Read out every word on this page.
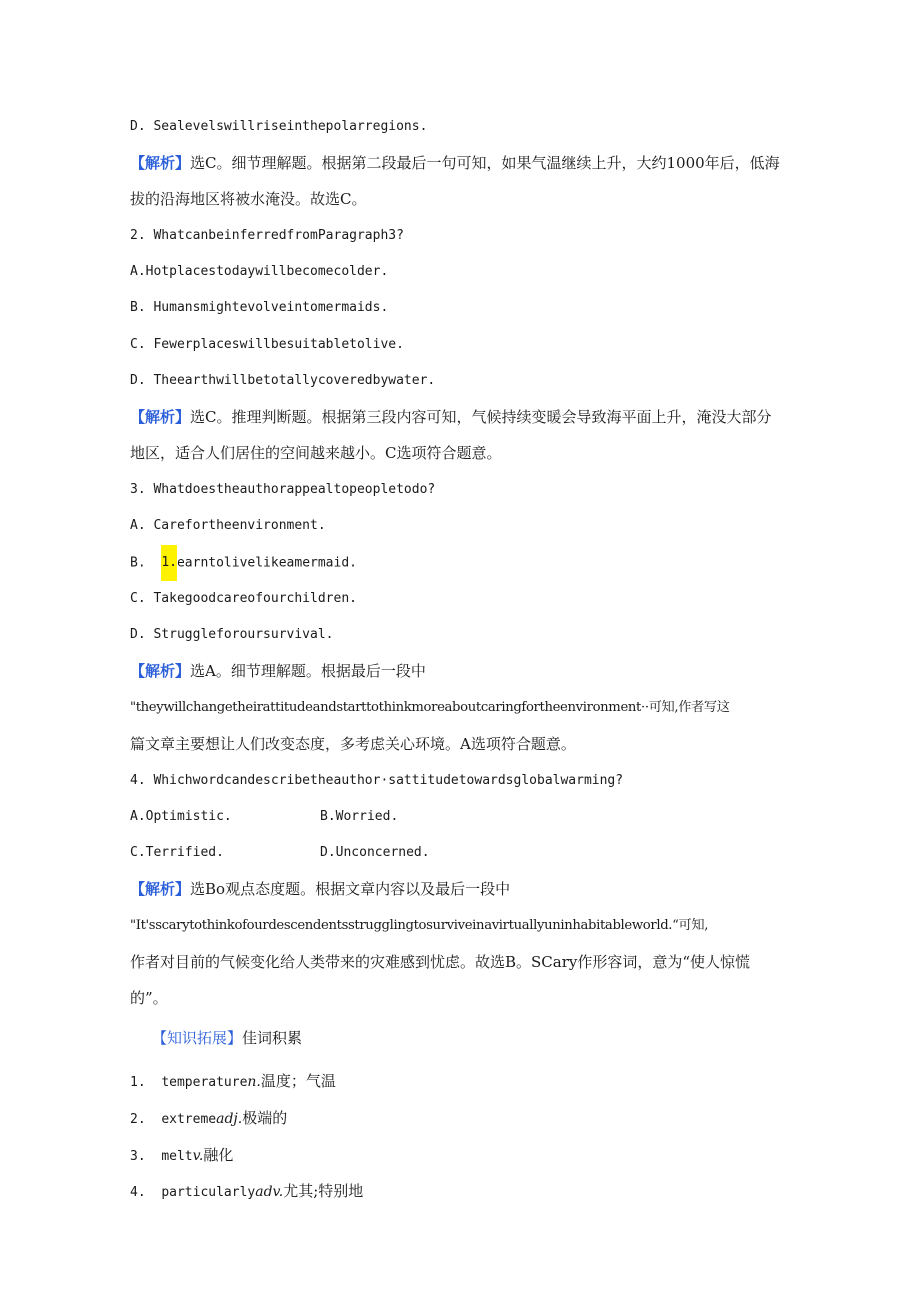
D. Sealevelswillriseinthepolarregions.
【解析】选C。细节理解题。根据第二段最后一句可知，如果气温继续上升，大约1000年后，低海
拔的沿海地区将被水淹没。故选C。
2. WhatcanbeinferredfromParagraph3?
A.Hotplacestodaywillbecomecolder.
B. Humansmightevolveintomermaids.
C. Fewerplaceswillbesuitabletolive.
D. Theearthwillbetotallycoveredbywater.
【解析】选C。推理判断题。根据第三段内容可知，气候持续变暖会导致海平面上升，淹没大部分
地区，适合人们居住的空间越来越小。C选项符合题意。
3. Whatdoestheauthorappealtopeopletodo?
A. Carefortheenvironment.
B.  1.earntolivelikeamermaid.
C. Takegoodcareofourchildren.
D. Struggleforoursurvival.
【解析】选A。细节理解题。根据最后一段中
"theywillchangetheirattitudeandstarttothinkmoreaboutcaringfortheenvironment··可知,作者写这
篇文章主要想让人们改变态度，多考虑关心环境。A选项符合题意。
4. Whichwordcandescribetheauthor·sattitudetowardsglobalwarming?
A.Optimistic.	B.Worried.
C.Terrified.	D.Unconcerned.
【解析】选Bo观点态度题。根据文章内容以及最后一段中
"It'sscarytothinkofourdescendentsstrugglingtosurviveinavirtuallyuninhabitableworld.“可知,
作者对目前的气候变化给人类带来的灾难感到忧虑。故选B。SCary作形容词，意为“使人惊慌
的”。
【知识拓展】佳词积累
1.  temperaturen.温度；气温
2.  extremeadj.极端的
3.  meltv.融化
4.  particularlyadv.尤其;特别地
